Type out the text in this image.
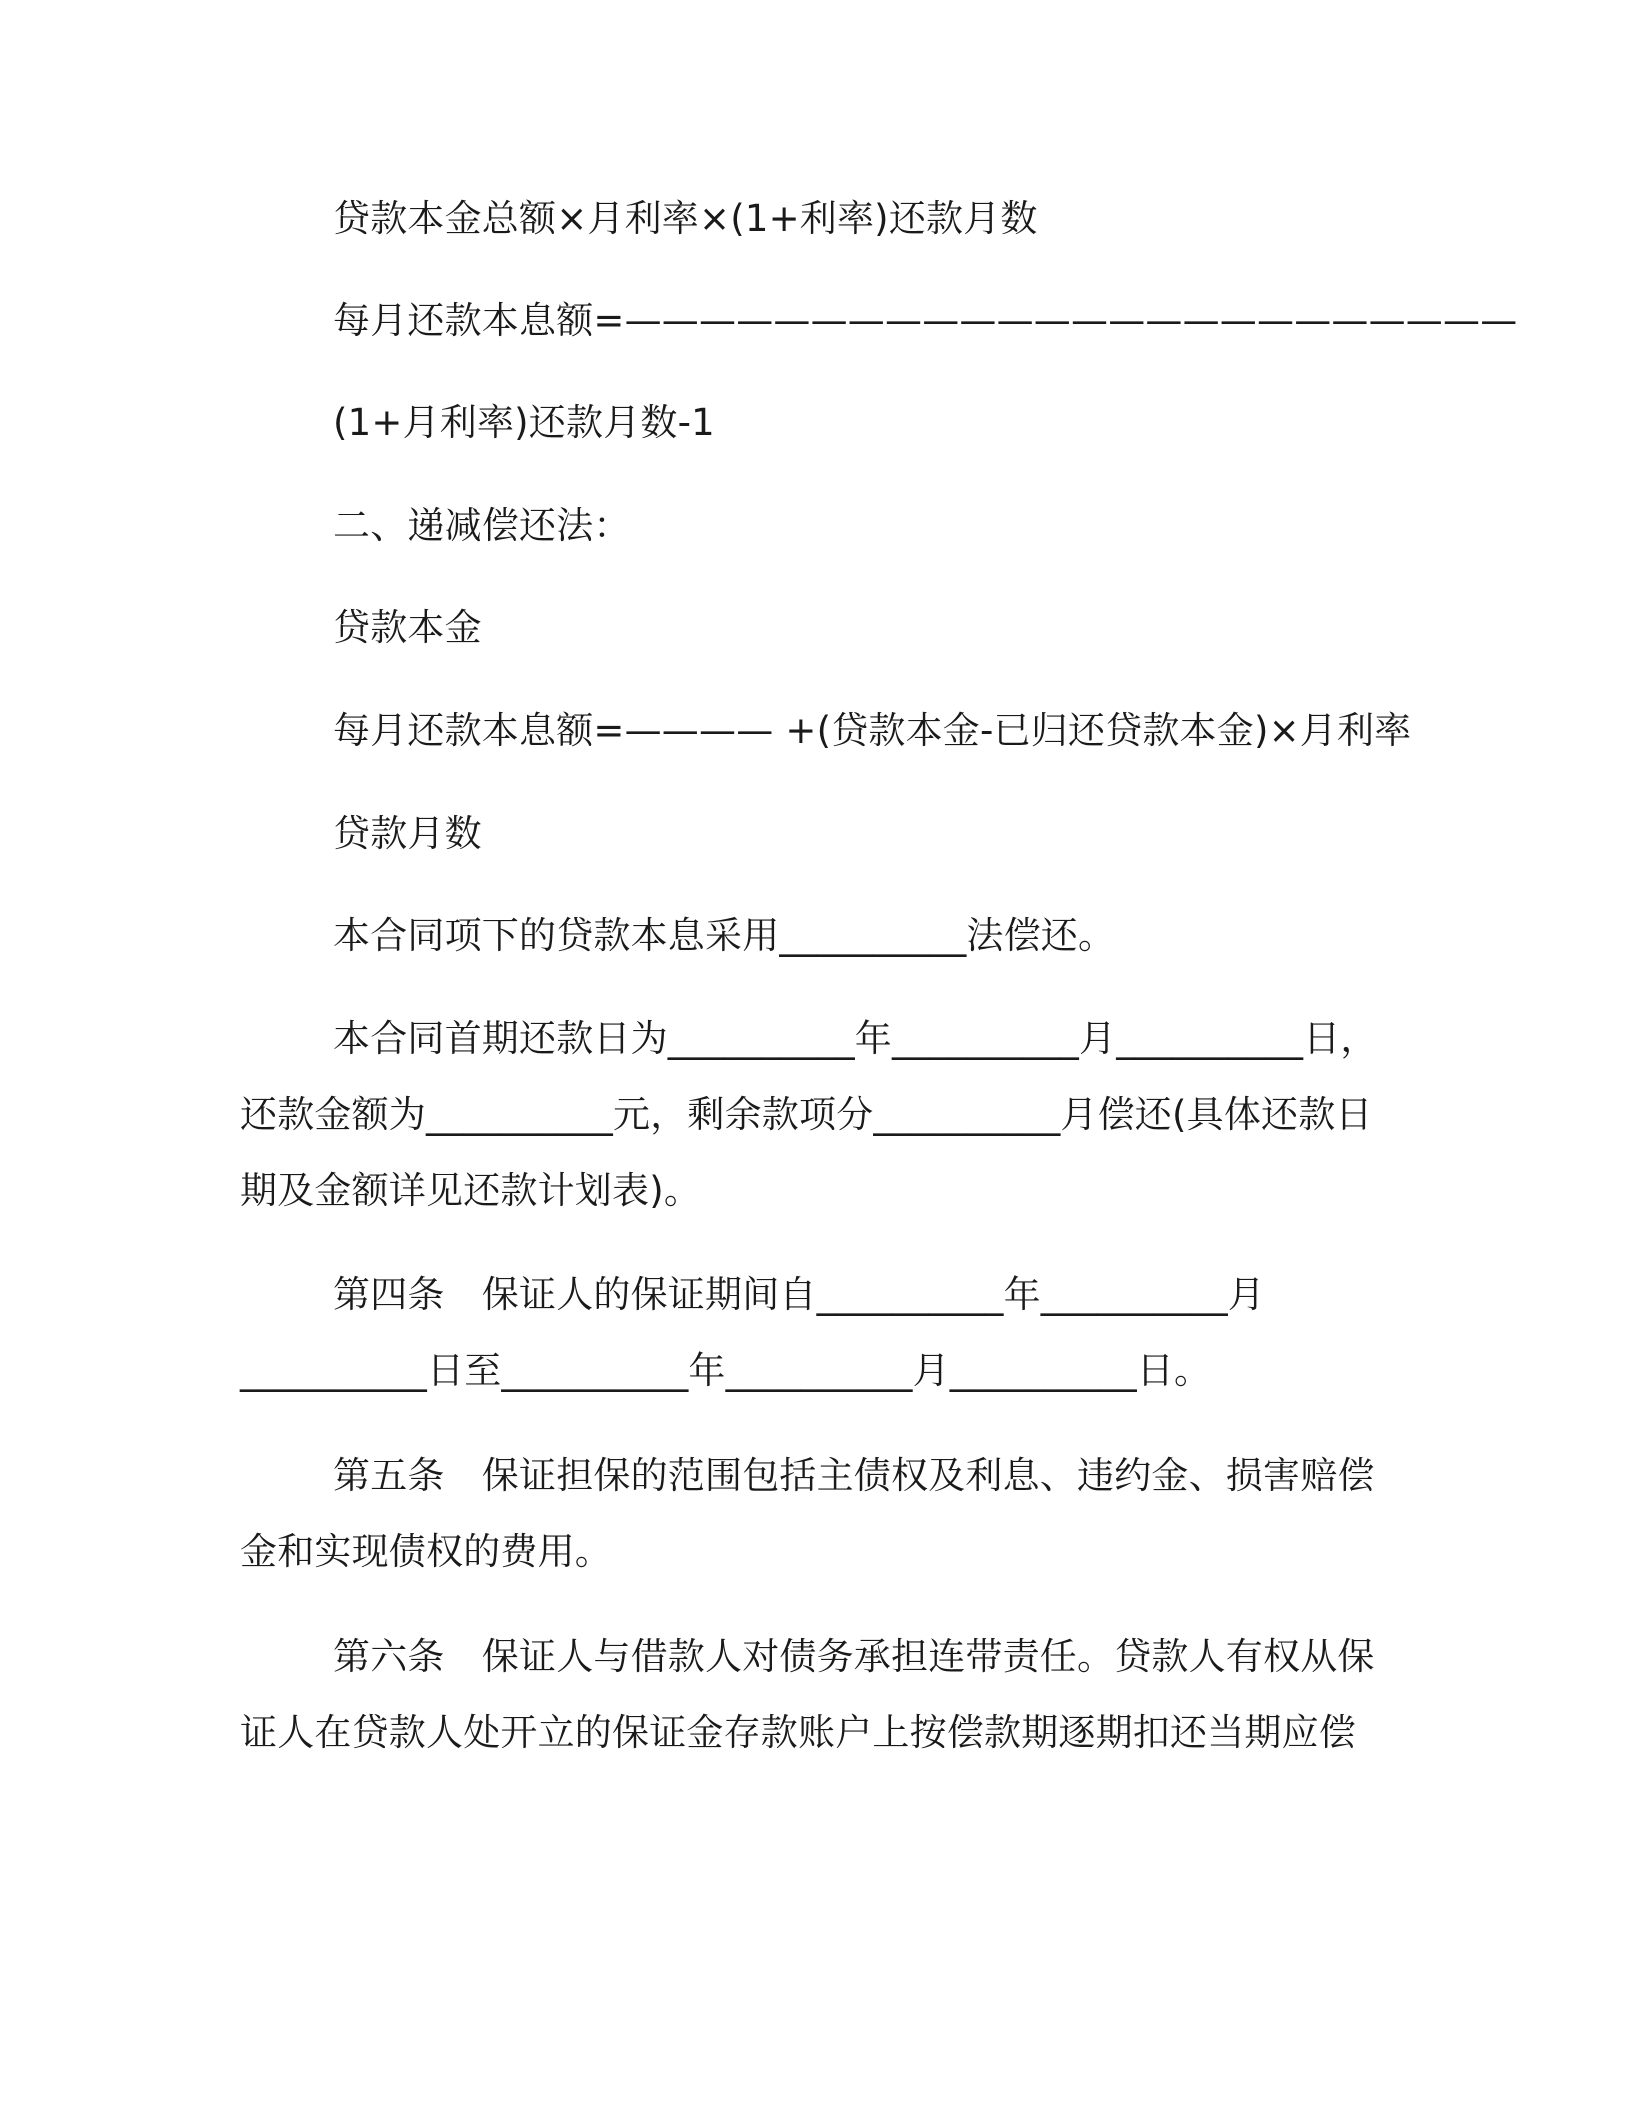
贷款本金总额×月利率×(1+利率)还款月数

每月还款本息额=————————————————————————

(1+月利率)还款月数-1

二、递减偿还法：

贷款本金

每月还款本息额=———— +(贷款本金-已归还贷款本金)×月利率

贷款月数

本合同项下的贷款本息采用__________法偿还。

本合同首期还款日为__________年__________月__________日，

还款金额为__________元，剩余款项分__________月偿还(具体还款日

期及金额详见还款计划表)。

第四条　保证人的保证期间自__________年__________月

__________日至__________年__________月__________日。

第五条　保证担保的范围包括主债权及利息、违约金、损害赔偿

金和实现债权的费用。

第六条　保证人与借款人对债务承担连带责任。贷款人有权从保

证人在贷款人处开立的保证金存款账户上按偿款期逐期扣还当期应偿
